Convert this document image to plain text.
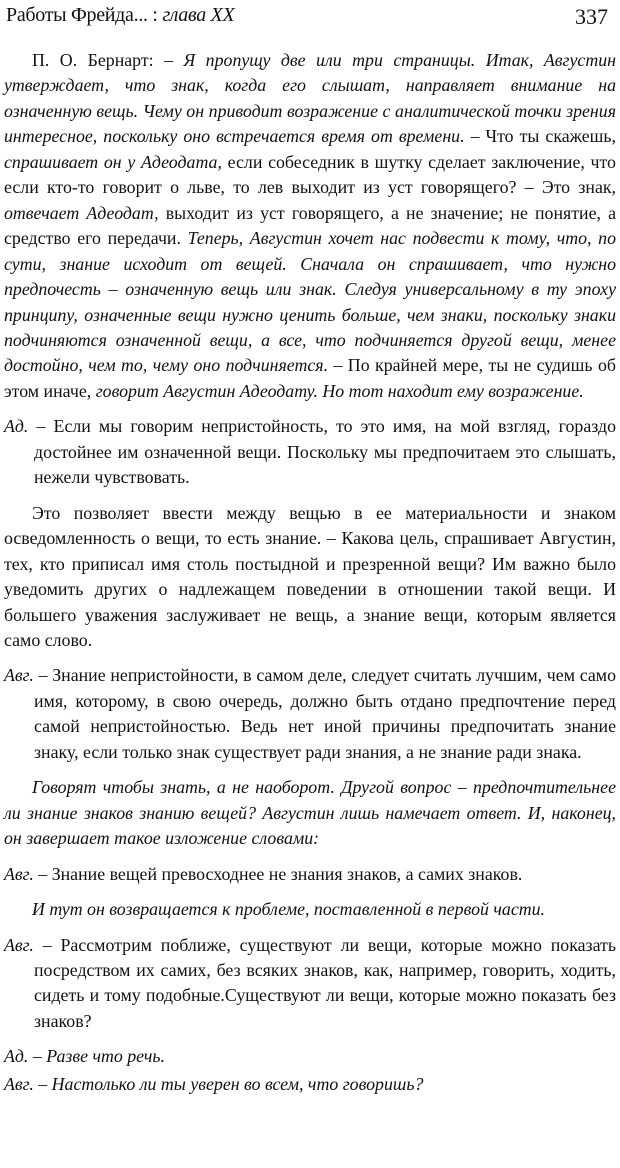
Работы Фрейда... : глава XX	337

П. О. Бернарт: – Я пропущу две или три страницы. Итак, Августин утверждает, что знак, когда его слышат, направляет внимание на означенную вещь. Чему он приводит возражение с аналитической точки зрения интересное, поскольку оно встречается время от времени. – Что ты скажешь, спрашивает он у Адеодата, если собеседник в шутку сделает заключение, что если кто-то говорит о льве, то лев выходит из уст говорящего? – Это знак, отвечает Адеодат, выходит из уст говорящего, а не значение; не понятие, а средство его передачи. Теперь, Августин хочет нас подвести к тому, что, по сути, знание исходит от вещей. Сначала он спрашивает, что нужно предпочесть – означенную вещь или знак. Следуя универсальному в ту эпоху принципу, означенные вещи нужно ценить больше, чем знаки, поскольку знаки подчиняются означенной вещи, а все, что подчиняется другой вещи, менее достойно, чем то, чему оно подчиняется. – По крайней мере, ты не судишь об этом иначе, говорит Августин Адеодату. Но тот находит ему возражение.

Ад. – Если мы говорим непристойность, то это имя, на мой взгляд, гораздо достойнее им означенной вещи. Поскольку мы предпочитаем это слышать, нежели чувствовать.

Это позволяет ввести между вещью в ее материальности и знаком осведомленность о вещи, то есть знание. – Какова цель, спрашивает Августин, тех, кто приписал имя столь постыдной и презренной вещи? Им важно было уведомить других о надлежащем поведении в отношении такой вещи. И большего уважения заслуживает не вещь, а знание вещи, которым является само слово.

Авг. – Знание непристойности, в самом деле, следует считать лучшим, чем само имя, которому, в свою очередь, должно быть отдано предпочтение перед самой непристойностью. Ведь нет иной причины предпочитать знание знаку, если только знак существует ради знания, а не знание ради знака.

Говорят чтобы знать, а не наоборот. Другой вопрос – предпочтительнее ли знание знаков знанию вещей? Августин лишь намечает ответ. И, наконец, он завершает такое изложение словами:

Авг. – Знание вещей превосходнее не знания знаков, а самих знаков.

И тут он возвращается к проблеме, поставленной в первой части.

Авг. – Рассмотрим поближе, существуют ли вещи, которые можно показать посредством их самих, без всяких знаков, как, например, говорить, ходить, сидеть и тому подобные.Существуют ли вещи, которые можно показать без знаков?

Ад. – Разве что речь.

Авг. – Настолько ли ты уверен во всем, что говоришь?
